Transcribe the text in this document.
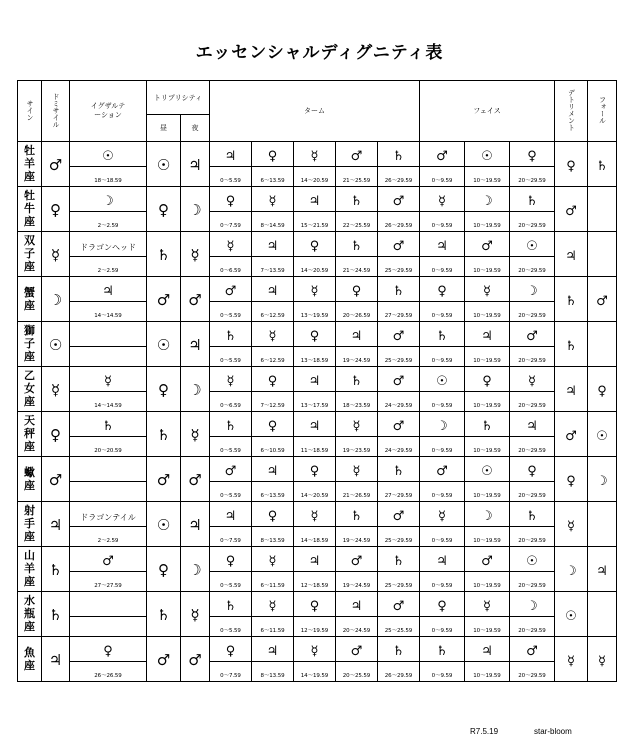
エッセンシャルディグニティ表
サイン	ドミサイル	イグザルテーション	トリプリシティ		ターム					フェイス			デトリメント	フォール
			昼	夜										
牡羊座	♂	☉	☉	♃	♃	♀	☿	♂	♄	♂	☉	♀	♀	♄
		18～18.59			0～5.59	6～13.59	14～20.59	21～25.59	26～29.59	0～9.59	10～19.59	20～29.59		
牡牛座	♀	☽	♀	☽	♀	☿	♃	♄	♂	☿	☽	♄	♂	
		2～2.59			0～7.59	8～14.59	15～21.59	22～25.59	26～29.59	0～9.59	10～19.59	20～29.59		
双子座	☿	ドラゴンヘッド	♄	☿	☿	♃	♀	♄	♂	♃	♂	☉	♃	
		2～2.59			0～6.59	7～13.59	14～20.59	21～24.59	25～29.59	0～9.59	10～19.59	20～29.59		
蟹座	☽	♃	♂	♂	♂	♃	☿	♀	♄	♀	☿	☽	♄	♂
		14～14.59			0～5.59	6～12.59	13～19.59	20～26.59	27～29.59	0～9.59	10～19.59	20～29.59		
獅子座	☉		☉	♃	♄	☿	♀	♃	♂	♄	♃	♂	♄	
					0～5.59	6～12.59	13～18.59	19～24.59	25～29.59	0～9.59	10～19.59	20～29.59		
乙女座	☿	☿	♀	☽	☿	♀	♃	♄	♂	☉	♀	☿	♃	♀
		14～14.59			0～6.59	7～12.59	13～17.59	18～23.59	24～29.59	0～9.59	10～19.59	20～29.59		
天秤座	♀	♄	♄	☿	♄	♀	♃	☿	♂	☽	♄	♃	♂	☉
		20～20.59			0～5.59	6～10.59	11～18.59	19～23.59	24～29.59	0～9.59	10～19.59	20～29.59		
蠍座	♂		♂	♂	♂	♃	♀	☿	♄	♂	☉	♀	♀	☽
					0～5.59	6～13.59	14～20.59	21～26.59	27～29.59	0～9.59	10～19.59	20～29.59		
射手座	♃	ドラゴンテイル	☉	♃	♃	♀	☿	♄	♂	☿	☽	♄	☿	
		2～2.59			0～7.59	8～13.59	14～18.59	19～24.59	25～29.59	0～9.59	10～19.59	20～29.59		
山羊座	♄	♂	♀	☽	♀	☿	♃	♂	♄	♃	♂	☉	☽	♃
		27～27.59			0～5.59	6～11.59	12～18.59	19～24.59	25～29.59	0～9.59	10～19.59	20～29.59		
水瓶座	♄		♄	☿	♄	☿	♀	♃	♂	♀	☿	☽	☉	
					0～5.59	6～11.59	12～19.59	20～24.59	25～25.59	0～9.59	10～19.59	20～29.59		
魚座	♃	♀	♂	♂	♀	♃	☿	♂	♄	♄	♃	♂	☿	☿
		26～26.59			0～7.59	8～13.59	14～19.59	20～25.59	26～29.59	0～9.59	10～19.59	20～29.59		
R7.5.19	star-bloom
